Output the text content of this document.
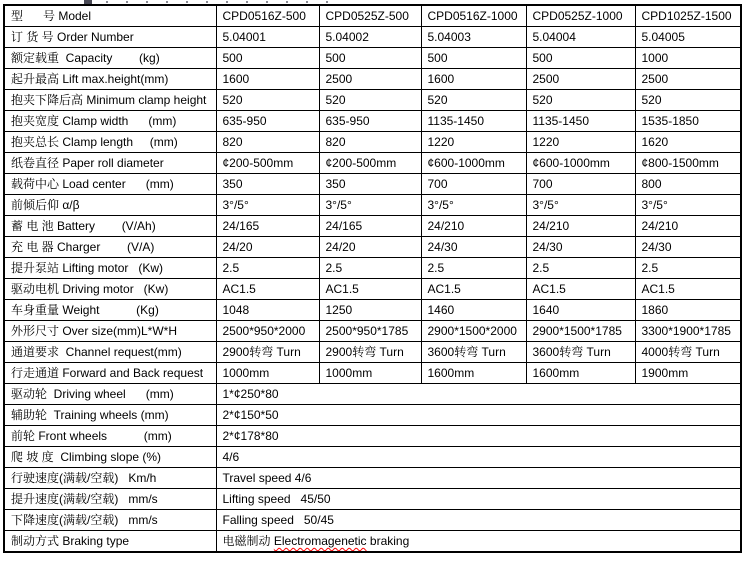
型      号 Model	CPD0516Z-500	CPD0525Z-500	CPD0516Z-1000	CPD0525Z-1000	CPD1025Z-1500
订 货 号 Order Number	5.04001	5.04002	5.04003	5.04004	5.04005
额定载重  Capacity        (kg)	500	500	500	500	1000
起升最高 Lift max.height(mm)	1600	2500	1600	2500	2500
抱夹下降后高 Minimum clamp height	520	520	520	520	520
抱夹宽度 Clamp width      (mm)	635-950	635-950	1135-1450	1135-1450	1535-1850
抱夹总长 Clamp length     (mm)	820	820	1220	1220	1620
纸卷直径 Paper roll diameter	¢200-500mm	¢200-500mm	¢600-1000mm	¢600-1000mm	¢800-1500mm
载荷中心 Load center      (mm)	350	350	700	700	800
前倾后仰 α/β	3°/5°	3°/5°	3°/5°	3°/5°	3°/5°
蓄 电 池 Battery        (V/Ah)	24/165	24/165	24/210	24/210	24/210
充 电 器 Charger        (V/A)	24/20	24/20	24/30	24/30	24/30
提升泵站 Lifting motor   (Kw)	2.5	2.5	2.5	2.5	2.5
驱动电机 Driving motor   (Kw)	AC1.5	AC1.5	AC1.5	AC1.5	AC1.5
车身重量 Weight           (Kg)	1048	1250	1460	1640	1860
外形尺寸 Over size(mm)L*W*H	2500*950*2000	2500*950*1785	2900*1500*2000	2900*1500*1785	3300*1900*1785
通道要求  Channel request(mm)	2900转弯 Turn	2900转弯 Turn	3600转弯 Turn	3600转弯 Turn	4000转弯 Turn
行走通道 Forward and Back request	1000mm	1000mm	1600mm	1600mm	1900mm
驱动轮  Driving wheel      (mm)	1*¢250*80				
辅助轮  Training wheels (mm)	2*¢150*50				
前轮 Front wheels           (mm)	2*¢178*80				
爬 坡 度  Climbing slope (%)	4/6				
行驶速度(满载/空载)   Km/h	Travel speed 4/6				
提升速度(满载/空载)   mm/s	Lifting speed   45/50				
下降速度(满载/空载)   mm/s	Falling speed   50/45				
制动方式 Braking type	电磁制动 Electromagenetic braking				
